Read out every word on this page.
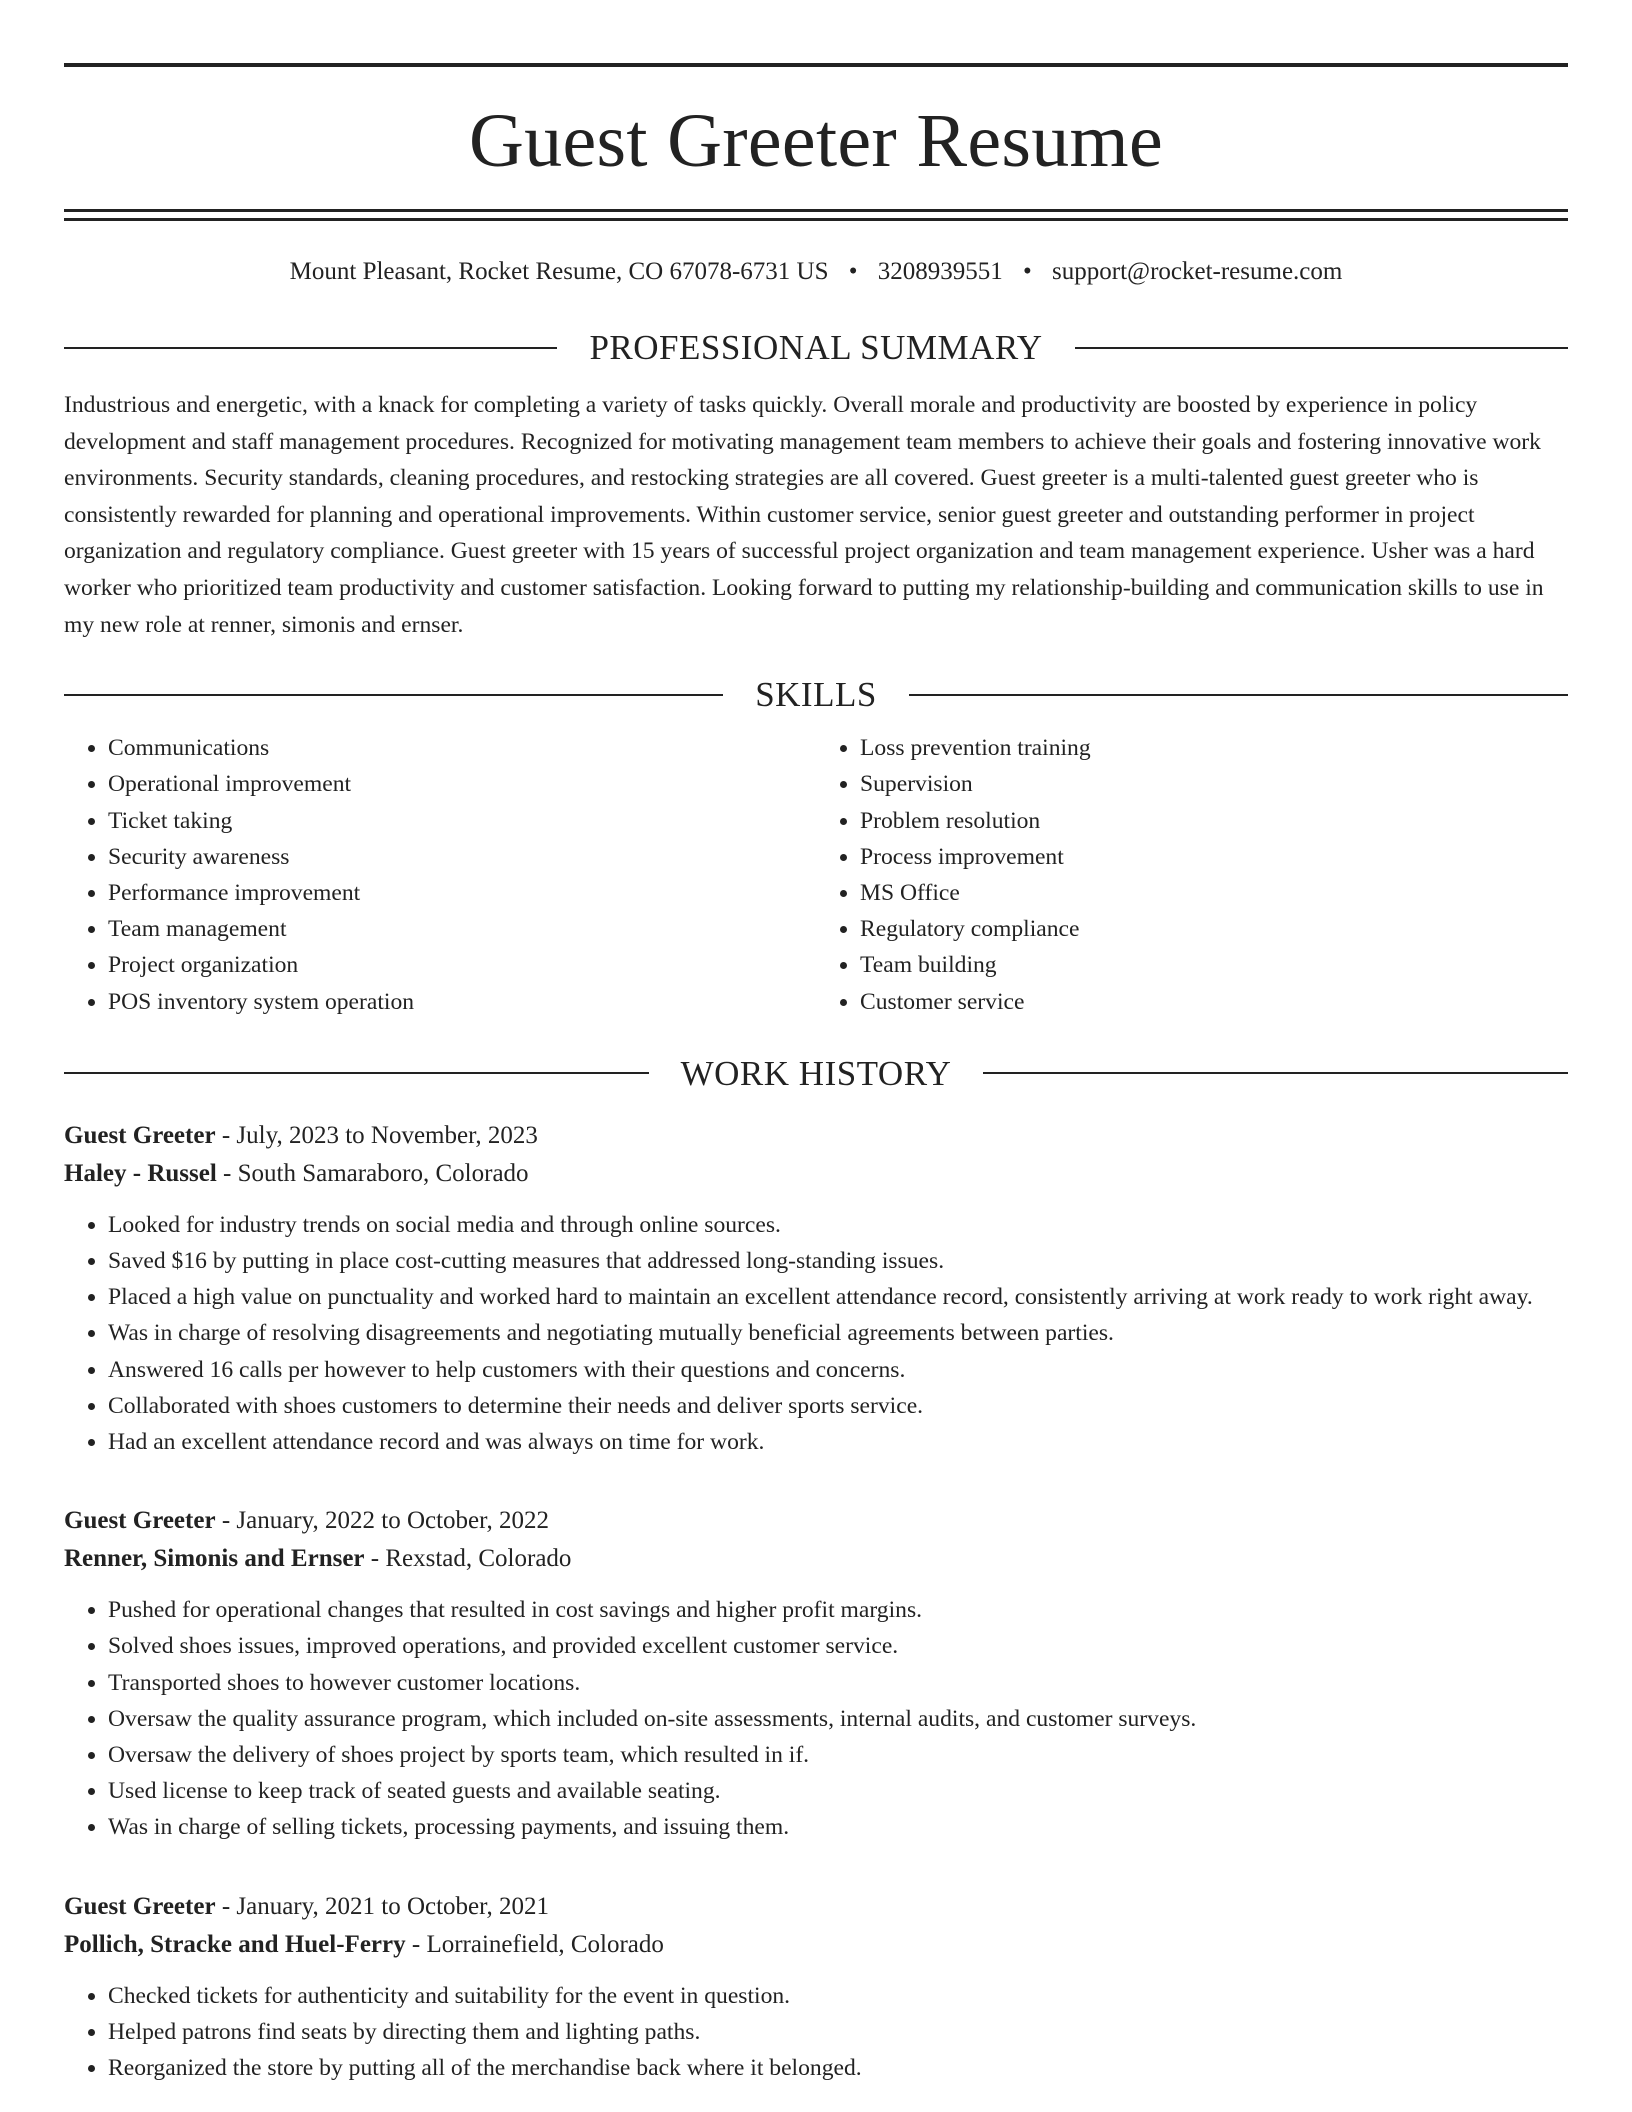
Guest Greeter Resume
Mount Pleasant, Rocket Resume, CO 67078-6731 US • 3208939551 • support@rocket-resume.com
PROFESSIONAL SUMMARY

Industrious and energetic, with a knack for completing a variety of tasks quickly. Overall morale and productivity are boosted by experience in policy development and staff management procedures. Recognized for motivating management team members to achieve their goals and fostering innovative work environments. Security standards, cleaning procedures, and restocking strategies are all covered. Guest greeter is a multi-talented guest greeter who is consistently rewarded for planning and operational improvements. Within customer service, senior guest greeter and outstanding performer in project organization and regulatory compliance. Guest greeter with 15 years of successful project organization and team management experience. Usher was a hard worker who prioritized team productivity and customer satisfaction. Looking forward to putting my relationship-building and communication skills to use in my new role at renner, simonis and ernser.

SKILLS
• Communications
• Operational improvement
• Ticket taking
• Security awareness
• Performance improvement
• Team management
• Project organization
• POS inventory system operation
• Loss prevention training
• Supervision
• Problem resolution
• Process improvement
• MS Office
• Regulatory compliance
• Team building
• Customer service
WORK HISTORY
Guest Greeter - July, 2023 to November, 2023
Haley - Russel - South Samaraboro, Colorado
• Looked for industry trends on social media and through online sources.
• Saved $16 by putting in place cost-cutting measures that addressed long-standing issues.
• Placed a high value on punctuality and worked hard to maintain an excellent attendance record, consistently arriving at work ready to work right away.
• Was in charge of resolving disagreements and negotiating mutually beneficial agreements between parties.
• Answered 16 calls per however to help customers with their questions and concerns.
• Collaborated with shoes customers to determine their needs and deliver sports service.
• Had an excellent attendance record and was always on time for work.
Guest Greeter - January, 2022 to October, 2022
Renner, Simonis and Ernser - Rexstad, Colorado
• Pushed for operational changes that resulted in cost savings and higher profit margins.
• Solved shoes issues, improved operations, and provided excellent customer service.
• Transported shoes to however customer locations.
• Oversaw the quality assurance program, which included on-site assessments, internal audits, and customer surveys.
• Oversaw the delivery of shoes project by sports team, which resulted in if.
• Used license to keep track of seated guests and available seating.
• Was in charge of selling tickets, processing payments, and issuing them.
Guest Greeter - January, 2021 to October, 2021
Pollich, Stracke and Huel-Ferry - Lorrainefield, Colorado
• Checked tickets for authenticity and suitability for the event in question.
• Helped patrons find seats by directing them and lighting paths.
• Reorganized the store by putting all of the merchandise back where it belonged.
